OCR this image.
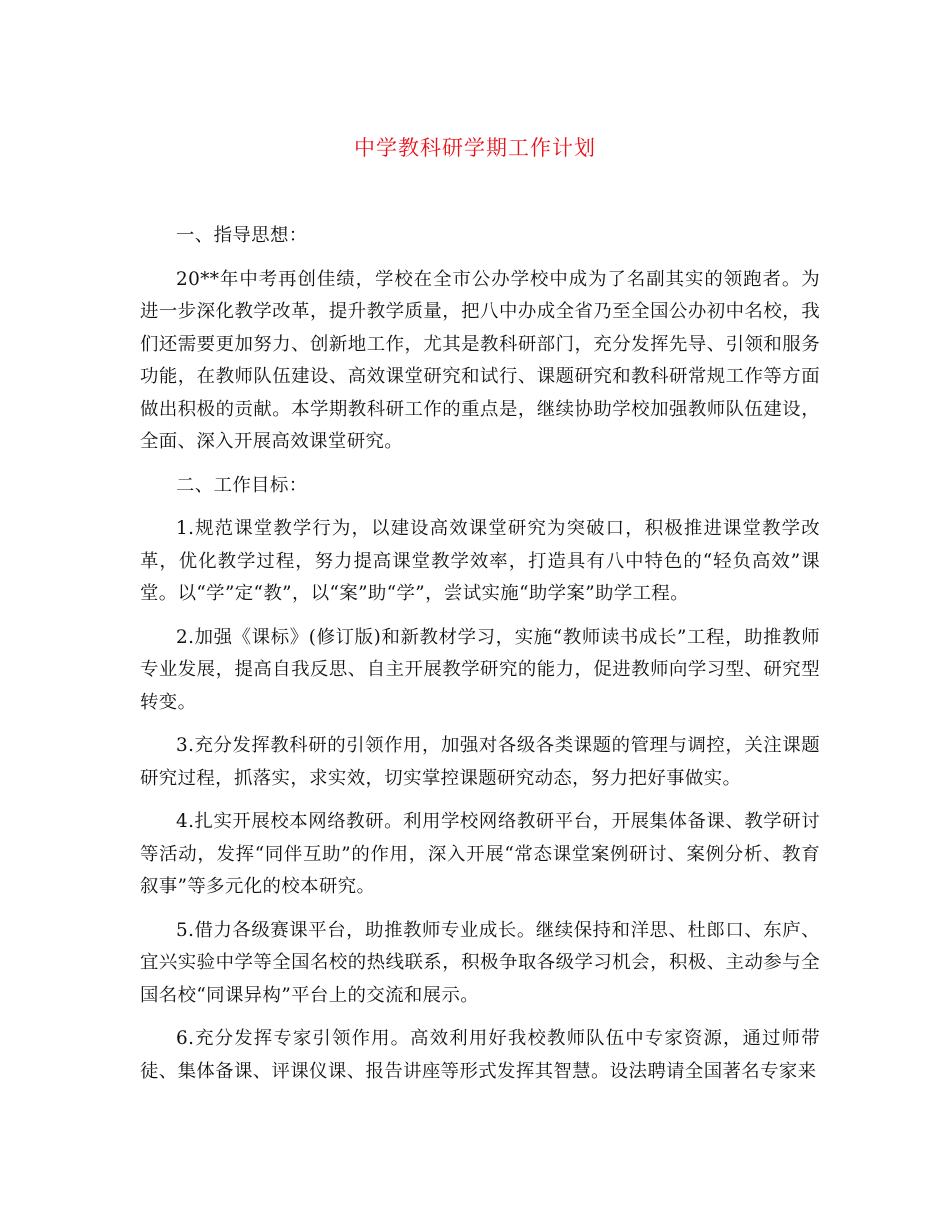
中学教科研学期工作计划

一、指导思想：

20**年中考再创佳绩，学校在全市公办学校中成为了名副其实的领跑者。为进一步深化教学改革，提升教学质量，把八中办成全省乃至全国公办初中名校，我们还需要更加努力、创新地工作，尤其是教科研部门，充分发挥先导、引领和服务功能，在教师队伍建设、高效课堂研究和试行、课题研究和教科研常规工作等方面做出积极的贡献。本学期教科研工作的重点是，继续协助学校加强教师队伍建设，全面、深入开展高效课堂研究。

二、工作目标：

1.规范课堂教学行为，以建设高效课堂研究为突破口，积极推进课堂教学改革，优化教学过程，努力提高课堂教学效率，打造具有八中特色的“轻负高效”课堂。以“学”定“教”，以“案”助“学”，尝试实施“助学案”助学工程。

2.加强《课标》(修订版)和新教材学习，实施“教师读书成长”工程，助推教师专业发展，提高自我反思、自主开展教学研究的能力，促进教师向学习型、研究型转变。

3.充分发挥教科研的引领作用，加强对各级各类课题的管理与调控，关注课题研究过程，抓落实，求实效，切实掌控课题研究动态，努力把好事做实。

4.扎实开展校本网络教研。利用学校网络教研平台，开展集体备课、教学研讨等活动，发挥“同伴互助”的作用，深入开展“常态课堂案例研讨、案例分析、教育叙事”等多元化的校本研究。

5.借力各级赛课平台，助推教师专业成长。继续保持和洋思、杜郎口、东庐、宜兴实验中学等全国名校的热线联系，积极争取各级学习机会，积极、主动参与全国名校“同课异构”平台上的交流和展示。

6.充分发挥专家引领作用。高效利用好我校教师队伍中专家资源，通过师带徒、集体备课、评课仪课、报告讲座等形式发挥其智慧。设法聘请全国著名专家来
